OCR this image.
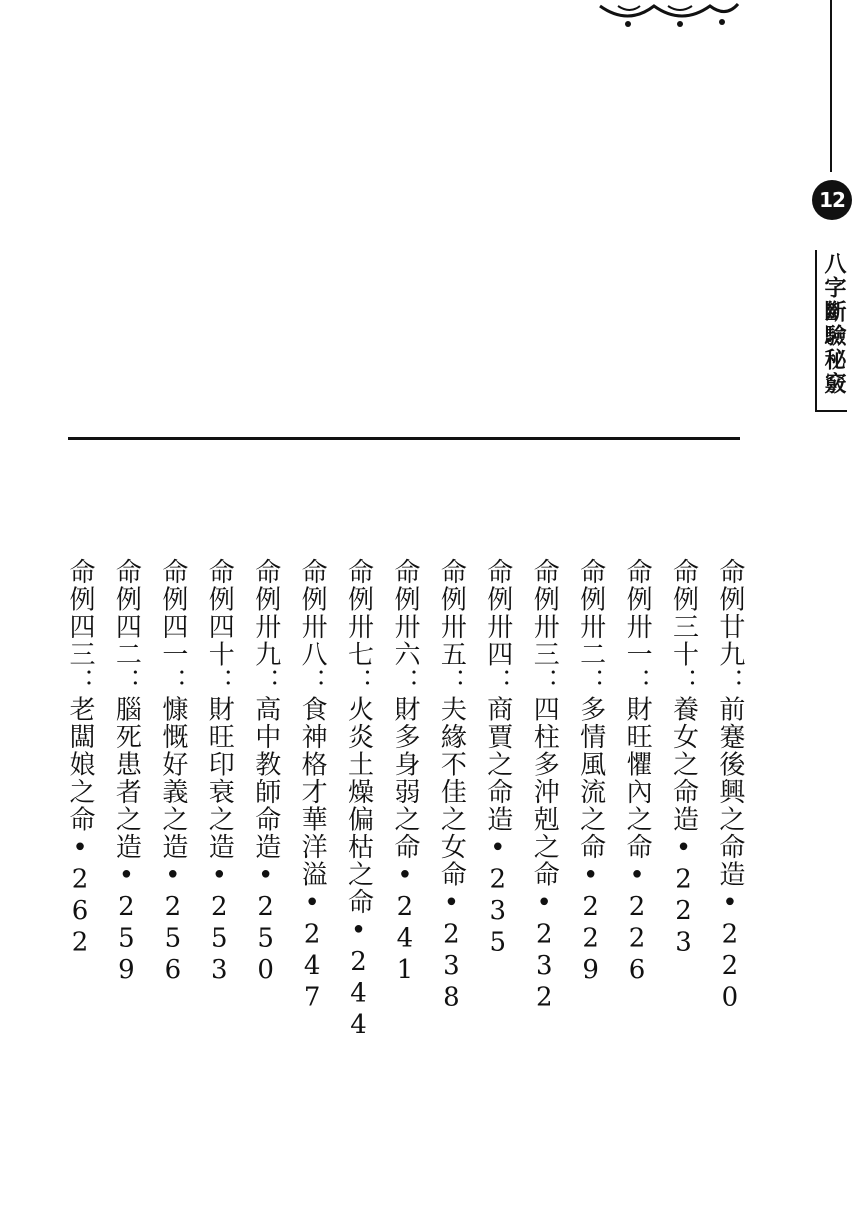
12
八字斷驗秘竅
命例廿九：前蹇後興之命造•220
命例三十：養女之命造•223
命例卅一：財旺懼內之命•226
命例卅二：多情風流之命•229
命例卅三：四柱多沖剋之命•232
命例卅四：商賈之命造•235
命例卅五：夫緣不佳之女命•238
命例卅六：財多身弱之命•241
命例卅七：火炎土燥偏枯之命•244
命例卅八：食神格才華洋溢•247
命例卅九：高中教師命造•250
命例四十：財旺印衰之造•253
命例四一：慷慨好義之造•256
命例四二：腦死患者之造•259
命例四三：老闆娘之命•262
